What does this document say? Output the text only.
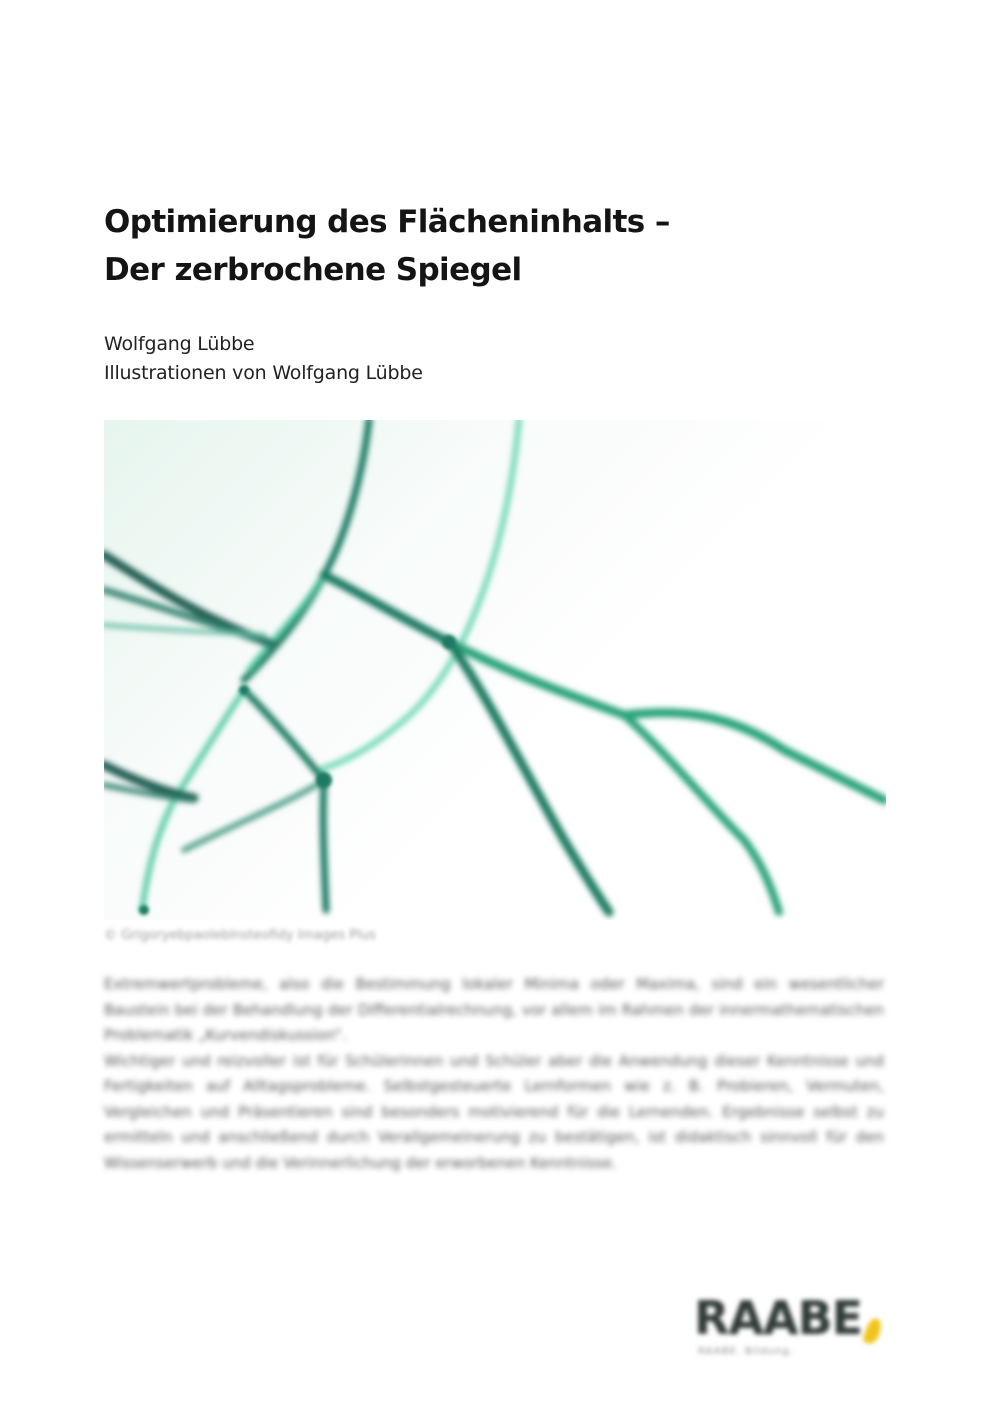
Optimierung des Flächeninhalts –
Der zerbrochene Spiegel
Wolfgang Lübbe
Illustrationen von Wolfgang Lübbe
© Grigoryebpaoleblnsteofidy Images Plus

Extremwertprobleme, also die Bestimmung lokaler Minima oder Maxima, sind ein wesentlicher Baustein bei der Behandlung der Differentialrechnung, vor allem im Rahmen der innermathematischen Problematik „Kurvendiskussion“.

Wichtiger und reizvoller ist für Schülerinnen und Schüler aber die Anwendung dieser Kenntnisse und Fertigkeiten auf Alltagsprobleme. Selbstgesteuerte Lernformen wie z. B. Probieren, Vermuten, Vergleichen und Präsentieren sind besonders motivierend für die Lernenden. Ergebnisse selbst zu ermitteln und anschließend durch Verallgemeinerung zu bestätigen, ist didaktisch sinnvoll für den Wissenserwerb und die Verinnerlichung der erworbenen Kenntnisse.

RAABE
RAABE. Bildung.
